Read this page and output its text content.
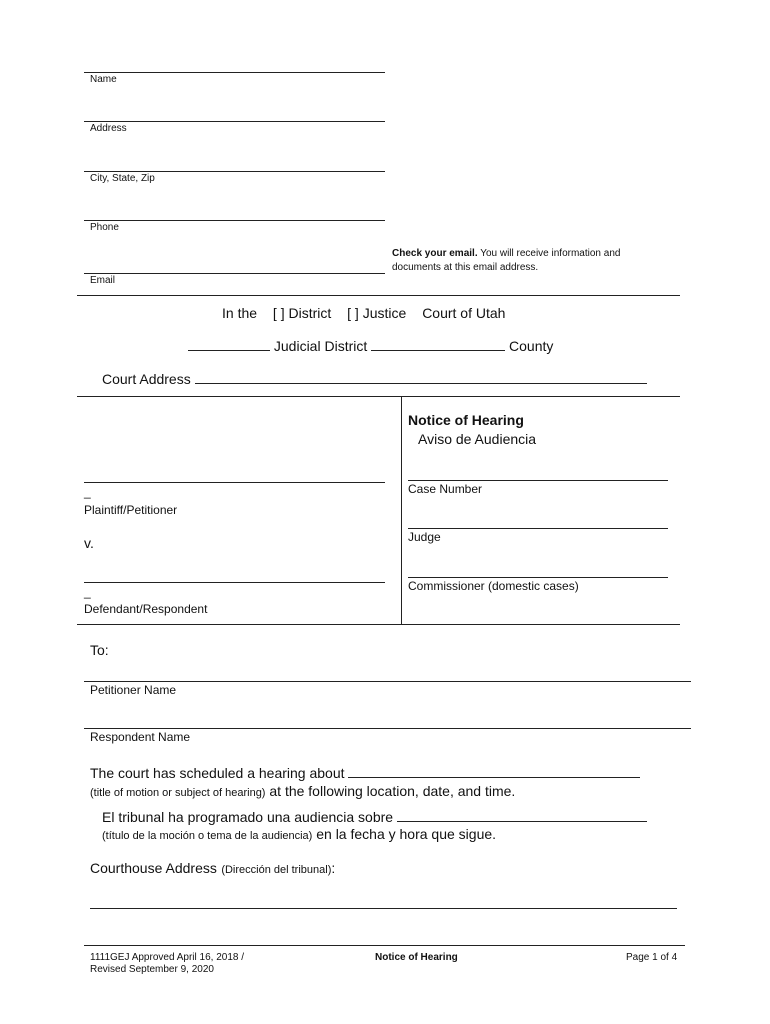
Name
Address
City, State, Zip
Phone
Email
Check your email. You will receive information and documents at this email address.
In the [ ] District [ ] Justice Court of Utah
Judicial District	County
Court Address
_
Plaintiff/Petitioner
v.
_
Defendant/Respondent
Notice of Hearing
Aviso de Audiencia
Case Number
Judge
Commissioner (domestic cases)
To:
Petitioner Name
Respondent Name
The court has scheduled a hearing about
(title of motion or subject of hearing) at the following location, date, and time.
El tribunal ha programado una audiencia sobre
(título de la moción o tema de la audiencia) en la fecha y hora que sigue.
Courthouse Address (Dirección del tribunal):
1111GEJ Approved April 16, 2018 /
Revised September 9, 2020
Notice of Hearing	Page 1 of 4
